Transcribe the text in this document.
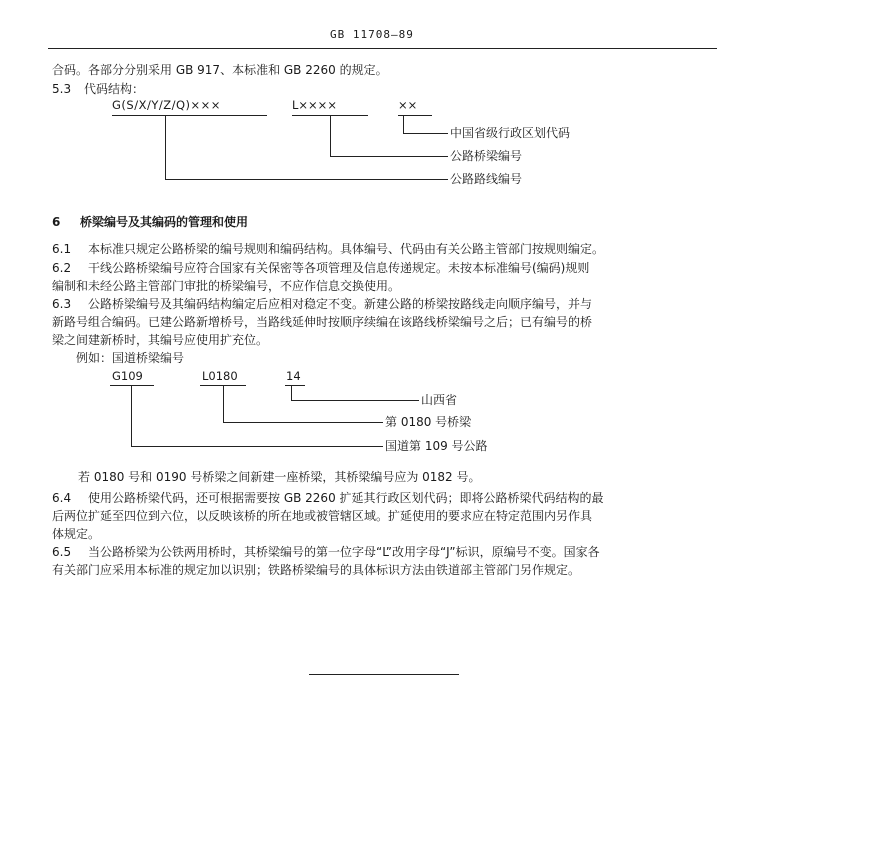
GB 11708—89
合码。各部分分别采用 GB 917、本标准和 GB 2260 的规定。
5.3 代码结构：
G(S/X/Y/Z/Q)×××	L××××	××
中国省级行政区划代码
公路桥梁编号
公路路线编号
6 桥梁编号及其编码的管理和使用
6.1 本标准只规定公路桥梁的编号规则和编码结构。具体编号、代码由有关公路主管部门按规则编定。
6.2 干线公路桥梁编号应符合国家有关保密等各项管理及信息传递规定。未按本标准编号(编码)规则
编制和未经公路主管部门审批的桥梁编号，不应作信息交换使用。
6.3 公路桥梁编号及其编码结构编定后应相对稳定不变。新建公路的桥梁按路线走向顺序编号，并与
新路号组合编码。已建公路新增桥号，当路线延伸时按顺序续编在该路线桥梁编号之后；已有编号的桥
梁之间建新桥时，其编号应使用扩充位。
例如：国道桥梁编号
G109	L0180	14
山西省
第 0180 号桥梁
国道第 109 号公路
若 0180 号和 0190 号桥梁之间新建一座桥梁，其桥梁编号应为 0182 号。
6.4 使用公路桥梁代码，还可根据需要按 GB 2260 扩延其行政区划代码；即将公路桥梁代码结构的最
后两位扩延至四位到六位，以反映该桥的所在地或被管辖区域。扩延使用的要求应在特定范围内另作具
体规定。
6.5 当公路桥梁为公铁两用桥时，其桥梁编号的第一位字母“L”改用字母“J”标识，原编号不变。国家各
有关部门应采用本标准的规定加以识别；铁路桥梁编号的具体标识方法由铁道部主管部门另作规定。
